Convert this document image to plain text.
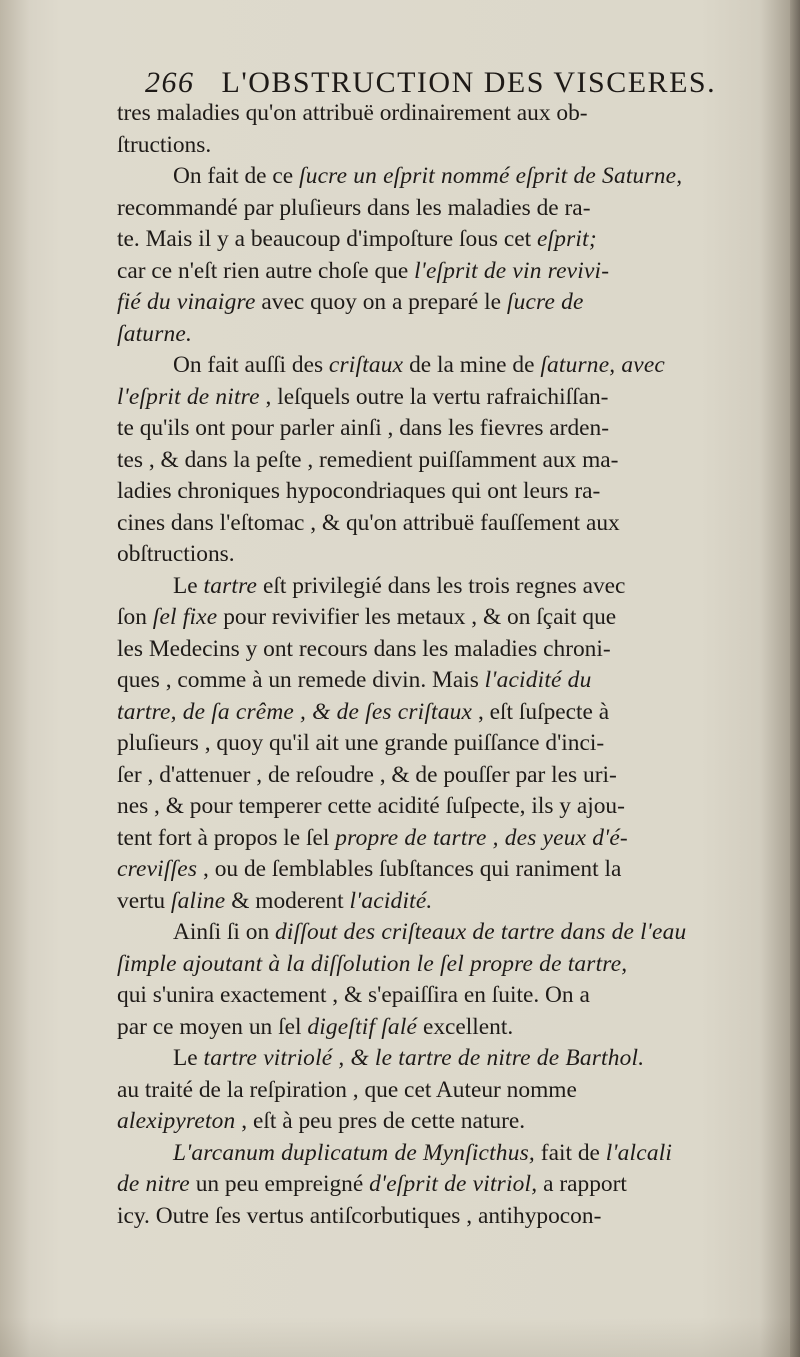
266 L'OBSTRUCTION DES VISCERES.
tres maladies qu'on attribuë ordinairement aux ob-
ſtructions.
On fait de ce ſucre un eſprit nommé eſprit de Saturne,
recommandé par pluſieurs dans les maladies de ra-
te. Mais il y a beaucoup d'impoſture ſous cet eſprit;
car ce n'eſt rien autre choſe que l'eſprit de vin revivi-
fié du vinaigre avec quoy on a preparé le ſucre de
ſaturne.
On fait auſſi des criſtaux de la mine de ſaturne, avec
l'eſprit de nitre , leſquels outre la vertu rafraichiſſan-
te qu'ils ont pour parler ainſi , dans les fievres arden-
tes , & dans la peſte , remedient puiſſamment aux ma-
ladies chroniques hypocondriaques qui ont leurs ra-
cines dans l'eſtomac , & qu'on attribuë fauſſement aux
obſtructions.
Le tartre eſt privilegié dans les trois regnes avec
ſon ſel fixe pour revivifier les metaux , & on ſçait que
les Medecins y ont recours dans les maladies chroni-
ques , comme à un remede divin. Mais l'acidité du
tartre, de ſa crême , & de ſes criſtaux , eſt ſuſpecte à
pluſieurs , quoy qu'il ait une grande puiſſance d'inci-
ſer , d'attenuer , de reſoudre , & de pouſſer par les uri-
nes , & pour temperer cette acidité ſuſpecte, ils y ajou-
tent fort à propos le ſel propre de tartre , des yeux d'é-
creviſſes , ou de ſemblables ſubſtances qui raniment la
vertu ſaline & moderent l'acidité.
Ainſi ſi on diſſout des criſteaux de tartre dans de l'eau
ſimple ajoutant à la diſſolution le ſel propre de tartre,
qui s'unira exactement , & s'epaiſſira en ſuite. On a
par ce moyen un ſel digeſtif ſalé excellent.
Le tartre vitriolé , & le tartre de nitre de Barthol.
au traité de la reſpiration , que cet Auteur nomme
alexipyreton , eſt à peu pres de cette nature.
L'arcanum duplicatum de Mynſicthus, fait de l'alcali
de nitre un peu empreigné d'eſprit de vitriol, a rapport
icy. Outre ſes vertus antiſcorbutiques , antihypocon-
